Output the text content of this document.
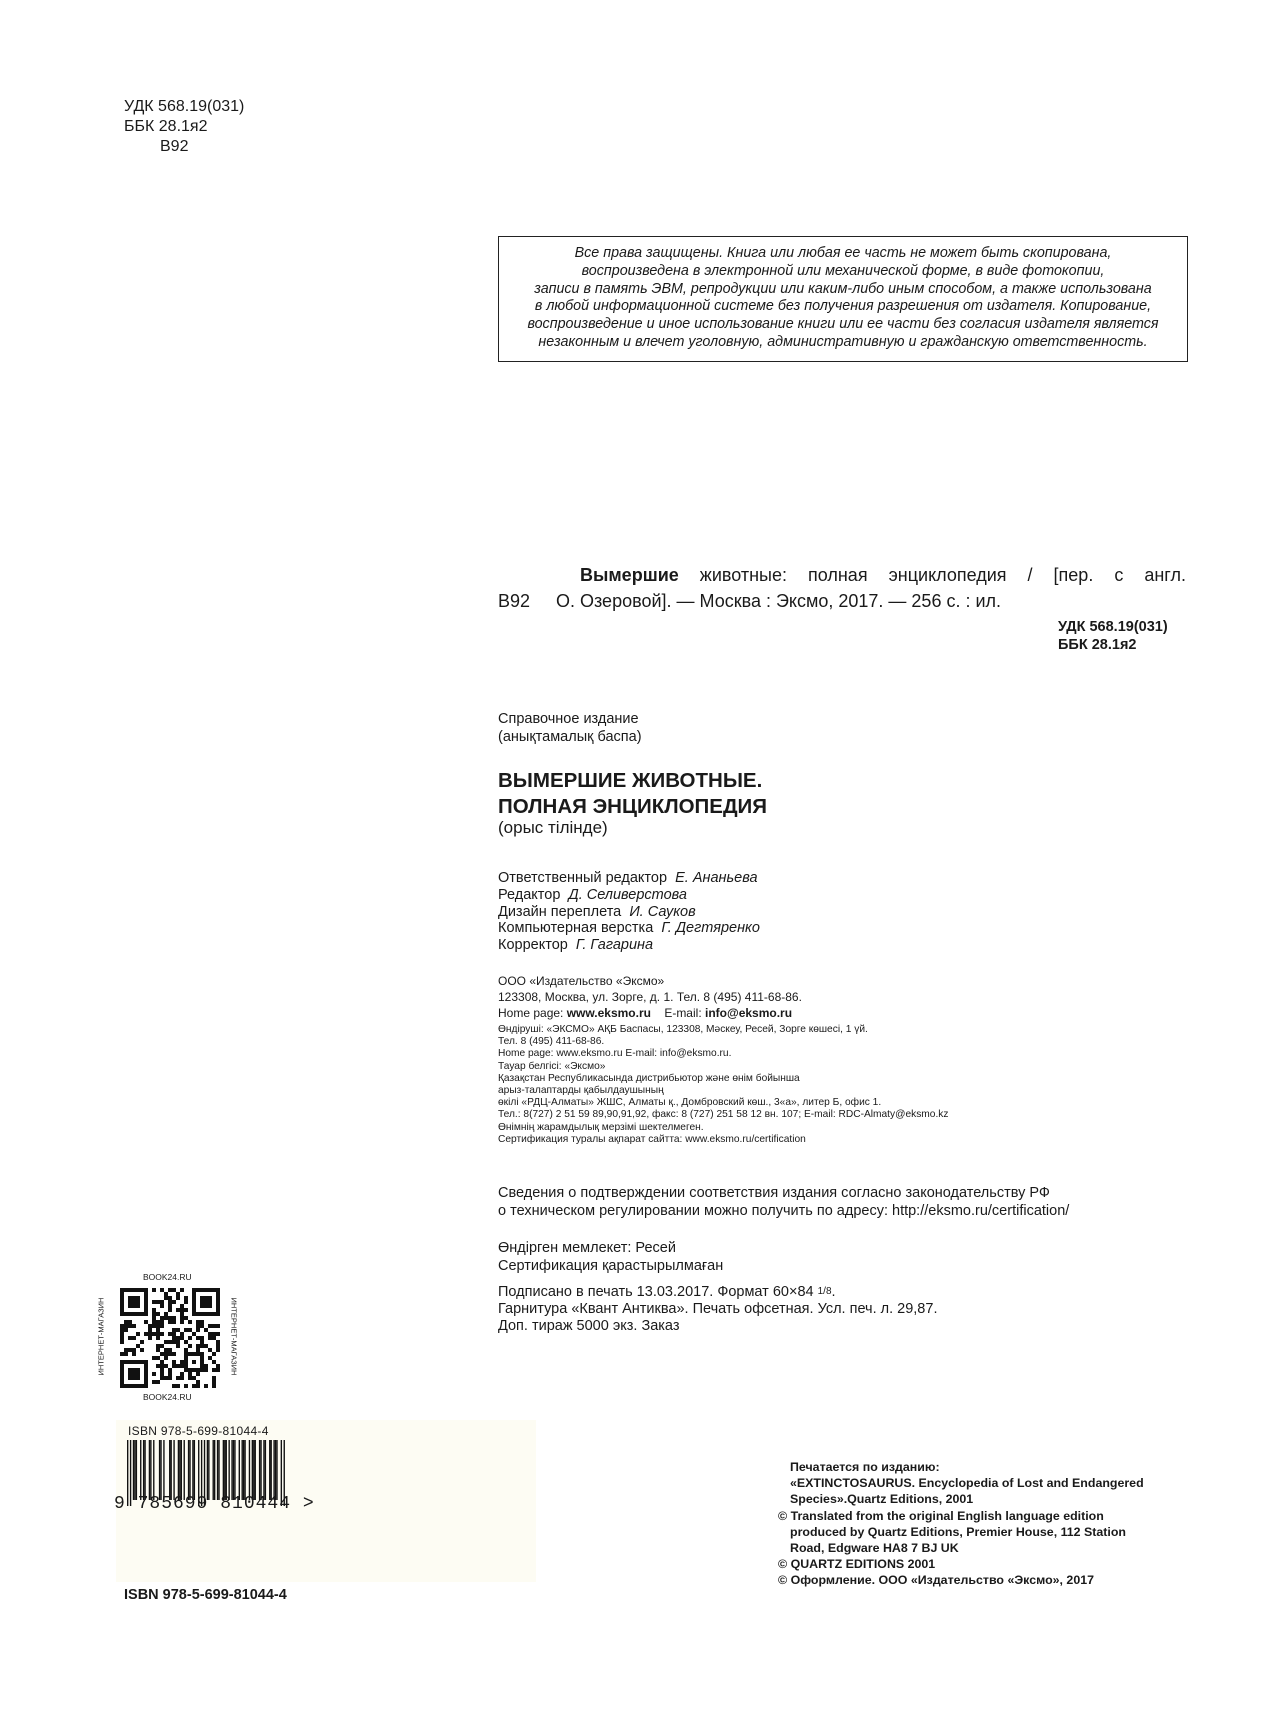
УДК 568.19(031)
ББК 28.1я2
В92
Все права защищены. Книга или любая ее часть не может быть скопирована,
воспроизведена в электронной или механической форме, в виде фотокопии,
записи в память ЭВМ, репродукции или каким-либо иным способом, а также использована
в любой информационной системе без получения разрешения от издателя. Копирование,
воспроизведение и иное использование книги или ее части без согласия издателя является
незаконным и влечет уголовную, административную и гражданскую ответственность.
Вымершие животные: полная энциклопедия / [пер. с англ.
В92	О. Озеровой]. — Москва : Эксмо, 2017. — 256 с. : ил.
УДК 568.19(031)
ББК 28.1я2
Справочное издание
(анықтамалық баспа)
ВЫМЕРШИЕ ЖИВОТНЫЕ.
ПОЛНАЯ ЭНЦИКЛОПЕДИЯ
(орыс тілінде)
Ответственный редактор Е. Ананьева
Редактор Д. Селиверстова
Дизайн переплета И. Сауков
Компьютерная верстка Г. Дегтяренко
Корректор Г. Гагарина
ООО «Издательство «Эксмо»
123308, Москва, ул. Зорге, д. 1. Тел. 8 (495) 411-68-86.
Home page: www.eksmo.ru E-mail: info@eksmo.ru
Өндіруші: «ЭКСМО» АҚБ Баспасы, 123308, Мәскеу, Ресей, Зорге көшесі, 1 үй.
Тел. 8 (495) 411-68-86.
Home page: www.eksmo.ru E-mail: info@eksmo.ru.
Тауар белгісі: «Эксмо»
Қазақстан Республикасында дистрибьютор және өнім бойынша
арыз-талаптарды қабылдаушының
өкілі «РДЦ-Алматы» ЖШС, Алматы қ., Домбровский көш., 3«а», литер Б, офис 1.
Тел.: 8(727) 2 51 59 89,90,91,92, факс: 8 (727) 251 58 12 вн. 107; E-mail: RDC-Almaty@eksmo.kz
Өнімнің жарамдылық мерзімі шектелмеген.
Сертификация туралы ақпарат сайтта: www.eksmo.ru/certification
Сведения о подтверждении соответствия издания согласно законодательству РФ
о техническом регулировании можно получить по адресу: http://eksmo.ru/certification/
Өндірген мемлекет: Ресей
Сертификация қарастырылмаған
Подписано в печать 13.03.2017. Формат 60×84 1/8.
Гарнитура «Квант Антиква». Печать офсетная. Усл. печ. л. 29,87.
Доп. тираж 5000 экз. Заказ
BOOK24.RU
BOOK24.RU
ИНТЕРНЕТ-МАГАЗИН	ИНТЕРНЕТ-МАГАЗИН
ISBN 978-5-699-81044-4
9 785699 810444 >
ISBN 978-5-699-81044-4
Печатается по изданию:
«EXTINCTOSAURUS. Encyclopedia of Lost and Endangered
Species».Quartz Editions, 2001
© Translated from the original English language edition
produced by Quartz Editions, Premier House, 112 Station
Road, Edgware HA8 7 BJ UK
© QUARTZ EDITIONS 2001
© Оформление. ООО «Издательство «Эксмо», 2017
